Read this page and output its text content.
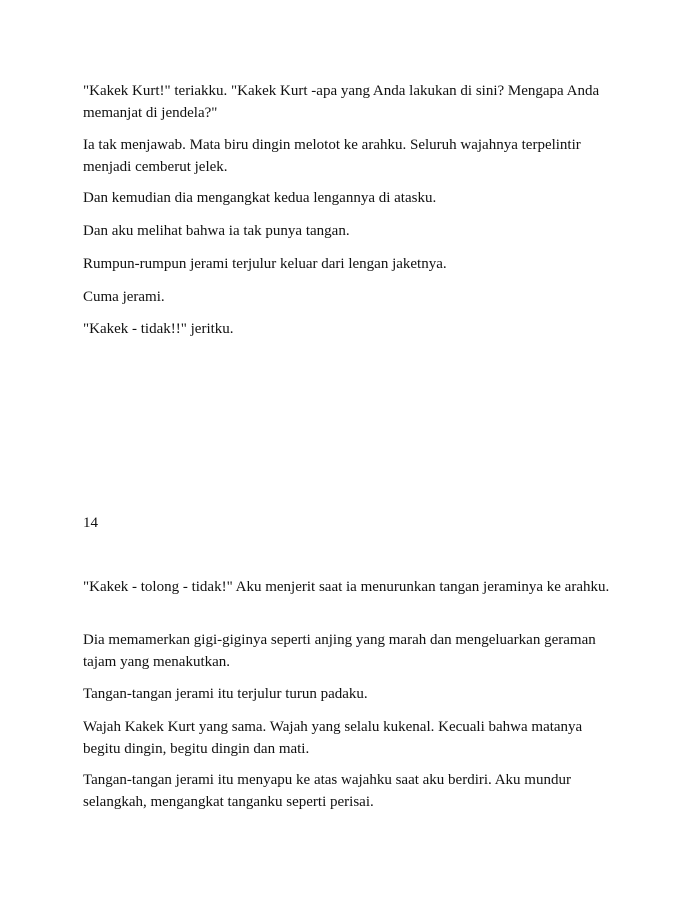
"Kakek Kurt!" teriakku. "Kakek Kurt -apa yang Anda lakukan di sini? Mengapa Anda memanjat di jendela?"

Ia tak menjawab. Mata biru dingin melotot ke arahku. Seluruh wajahnya terpelintir menjadi cemberut jelek.

Dan kemudian dia mengangkat kedua lengannya di atasku.

Dan aku melihat bahwa ia tak punya tangan.

Rumpun-rumpun jerami terjulur keluar dari lengan jaketnya.

Cuma jerami.

"Kakek - tidak!!" jeritku.

14

"Kakek - tolong - tidak!" Aku menjerit saat ia menurunkan tangan jeraminya ke arahku.

Dia memamerkan gigi-giginya seperti anjing yang marah dan mengeluarkan geraman tajam yang menakutkan.

Tangan-tangan jerami itu terjulur turun padaku.

Wajah Kakek Kurt yang sama. Wajah yang selalu kukenal. Kecuali bahwa matanya begitu dingin, begitu dingin dan mati.

Tangan-tangan jerami itu menyapu ke atas wajahku saat aku berdiri. Aku mundur selangkah, mengangkat tanganku seperti perisai.
